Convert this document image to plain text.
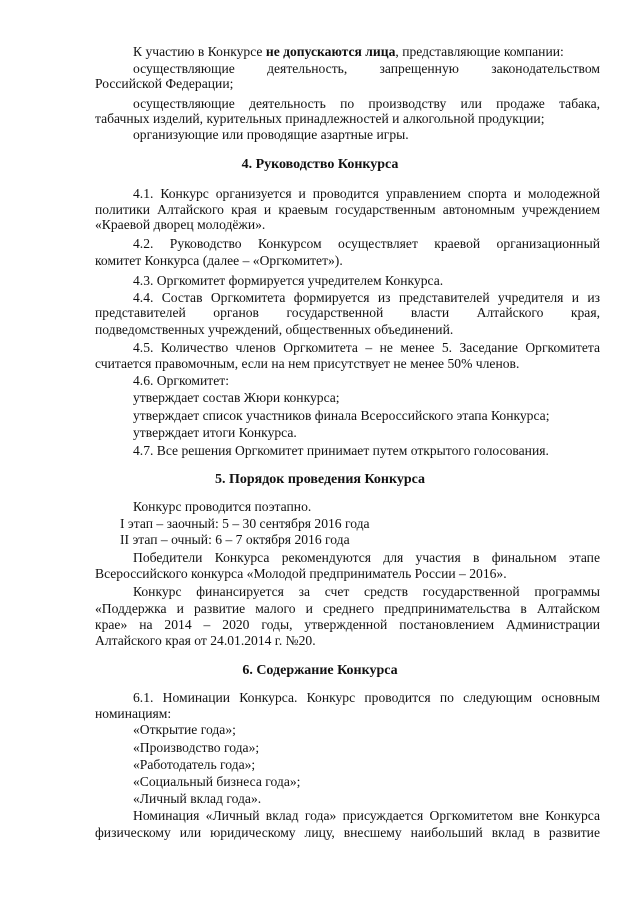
К участию в Конкурсе не допускаются лица, представляющие компании:
осуществляющие деятельность, запрещенную законодательством
Российской Федерации;
осуществляющие деятельность по производству или продаже табака,
табачных изделий, курительных принадлежностей и алкогольной продукции;
организующие или проводящие азартные игры.
4. Руководство Конкурса
4.1. Конкурс организуется и проводится управлением спорта и молодежной
политики Алтайского края и краевым государственным автономным учреждением
«Краевой дворец молодёжи».
4.2. Руководство Конкурсом осуществляет краевой организационный
комитет Конкурса (далее – «Оргкомитет»).
4.3. Оргкомитет формируется учредителем Конкурса.
4.4. Состав Оргкомитета формируется из представителей учредителя и из
представителей органов государственной власти Алтайского края,
подведомственных учреждений, общественных объединений.
4.5. Количество членов Оргкомитета – не менее 5. Заседание Оргкомитета
считается правомочным, если на нем присутствует не менее 50% членов.
4.6. Оргкомитет:
утверждает состав Жюри конкурса;
утверждает список участников финала Всероссийского этапа Конкурса;
утверждает итоги Конкурса.
4.7. Все решения Оргкомитет принимает путем открытого голосования.
5. Порядок проведения Конкурса
Конкурс проводится поэтапно.
I этап – заочный: 5 – 30 сентября 2016 года
II этап – очный: 6 – 7 октября 2016 года
Победители Конкурса рекомендуются для участия в финальном этапе
Всероссийского конкурса «Молодой предприниматель России – 2016».
Конкурс финансируется за счет средств государственной программы
«Поддержка и развитие малого и среднего предпринимательства в Алтайском
крае» на 2014 – 2020 годы, утвержденной постановлением Администрации
Алтайского края от 24.01.2014 г. №20.
6. Содержание Конкурса
6.1. Номинации Конкурса. Конкурс проводится по следующим основным
номинациям:
«Открытие года»;
«Производство года»;
«Работодатель года»;
«Социальный бизнеса года»;
«Личный вклад года».
Номинация «Личный вклад года» присуждается Оргкомитетом вне Конкурса
физическому или юридическому лицу, внесшему наибольший вклад в развитие
